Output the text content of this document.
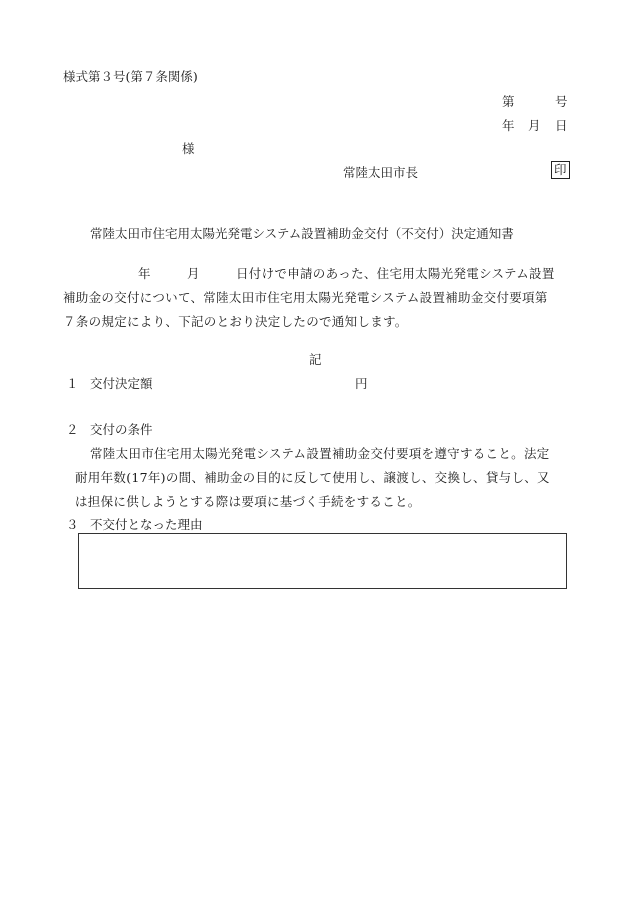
様式第３号(第７条関係)
第	号
年 月 日
様
常陸太田市長	印
常陸太田市住宅用太陽光発電システム設置補助金交付（不交付）決定通知書
年	月	日付けで申請のあった、住宅用太陽光発電システム設置
補助金の交付について、常陸太田市住宅用太陽光発電システム設置補助金交付要項第
７条の規定により、下記のとおり決定したので通知します。
記
１ 交付決定額	円
２ 交付の条件
常陸太田市住宅用太陽光発電システム設置補助金交付要項を遵守すること。法定
耐用年数(17年)の間、補助金の目的に反して使用し、譲渡し、交換し、貸与し、又
は担保に供しようとする際は要項に基づく手続をすること。
３ 不交付となった理由
